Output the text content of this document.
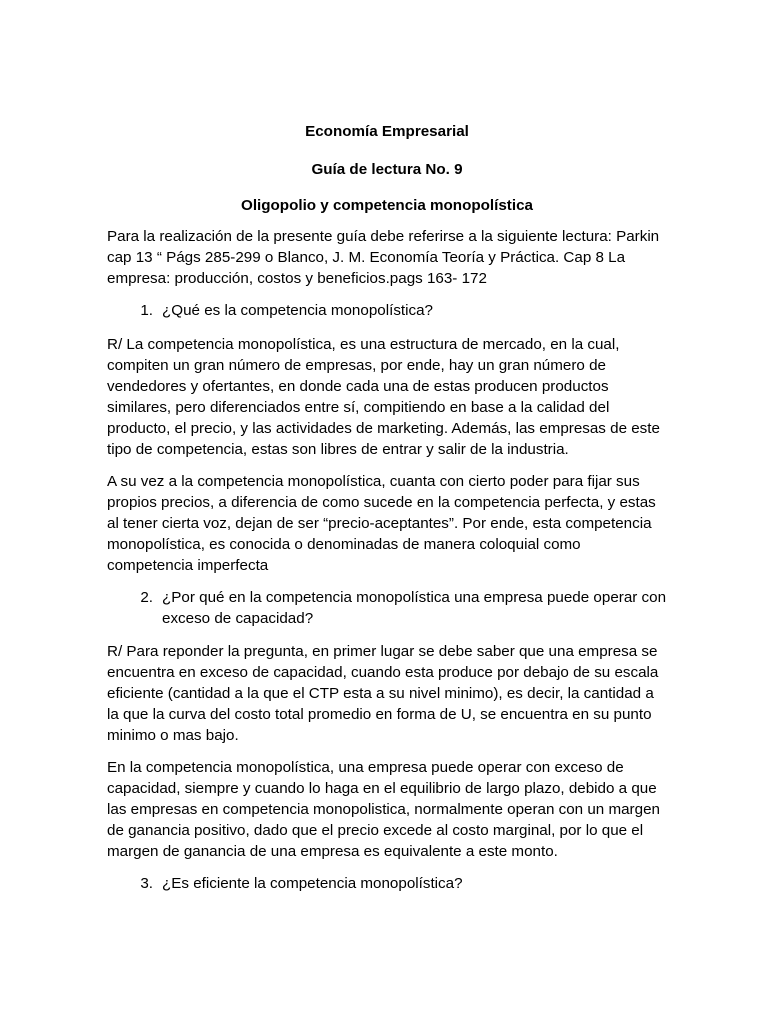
Economía Empresarial

Guía de lectura No. 9

Oligopolio y competencia monopolística

Para la realización de la presente guía debe referirse a la siguiente lectura: Parkin cap 13 “ Págs 285-299 o Blanco, J. M. Economía Teoría y Práctica. Cap 8 La empresa: producción, costos y beneficios.pags 163- 172

1. ¿Qué es la competencia monopolística?

R/ La competencia monopolística, es una estructura de mercado, en la cual, compiten un gran número de empresas, por ende, hay un gran número de vendedores y ofertantes, en donde cada una de estas producen productos similares, pero diferenciados entre sí, compitiendo en base a la calidad del producto, el precio, y las actividades de marketing. Además, las empresas de este tipo de competencia, estas son libres de entrar y salir de la industria.

A su vez a la competencia monopolística, cuanta con cierto poder para fijar sus propios precios, a diferencia de como sucede en la competencia perfecta, y estas al tener cierta voz, dejan de ser “precio-aceptantes”. Por ende, esta competencia monopolística, es conocida o denominadas de manera coloquial como competencia imperfecta

2. ¿Por qué en la competencia monopolística una empresa puede operar con exceso de capacidad?

R/ Para reponder la pregunta, en primer lugar se debe saber que una empresa se encuentra en exceso de capacidad, cuando esta produce por debajo de su escala eficiente (cantidad a la que el CTP esta a su nivel minimo), es decir, la cantidad a la que la curva del costo total promedio en forma de U, se encuentra en su punto minimo o mas bajo.

En la competencia monopolística, una empresa puede operar con exceso de capacidad, siempre y cuando lo haga en el equilibrio de largo plazo, debido a que las empresas en competencia monopolistica, normalmente operan con un margen de ganancia positivo, dado que el precio excede al costo marginal, por lo que el margen de ganancia de una empresa es equivalente a este monto.

3. ¿Es eficiente la competencia monopolística?
